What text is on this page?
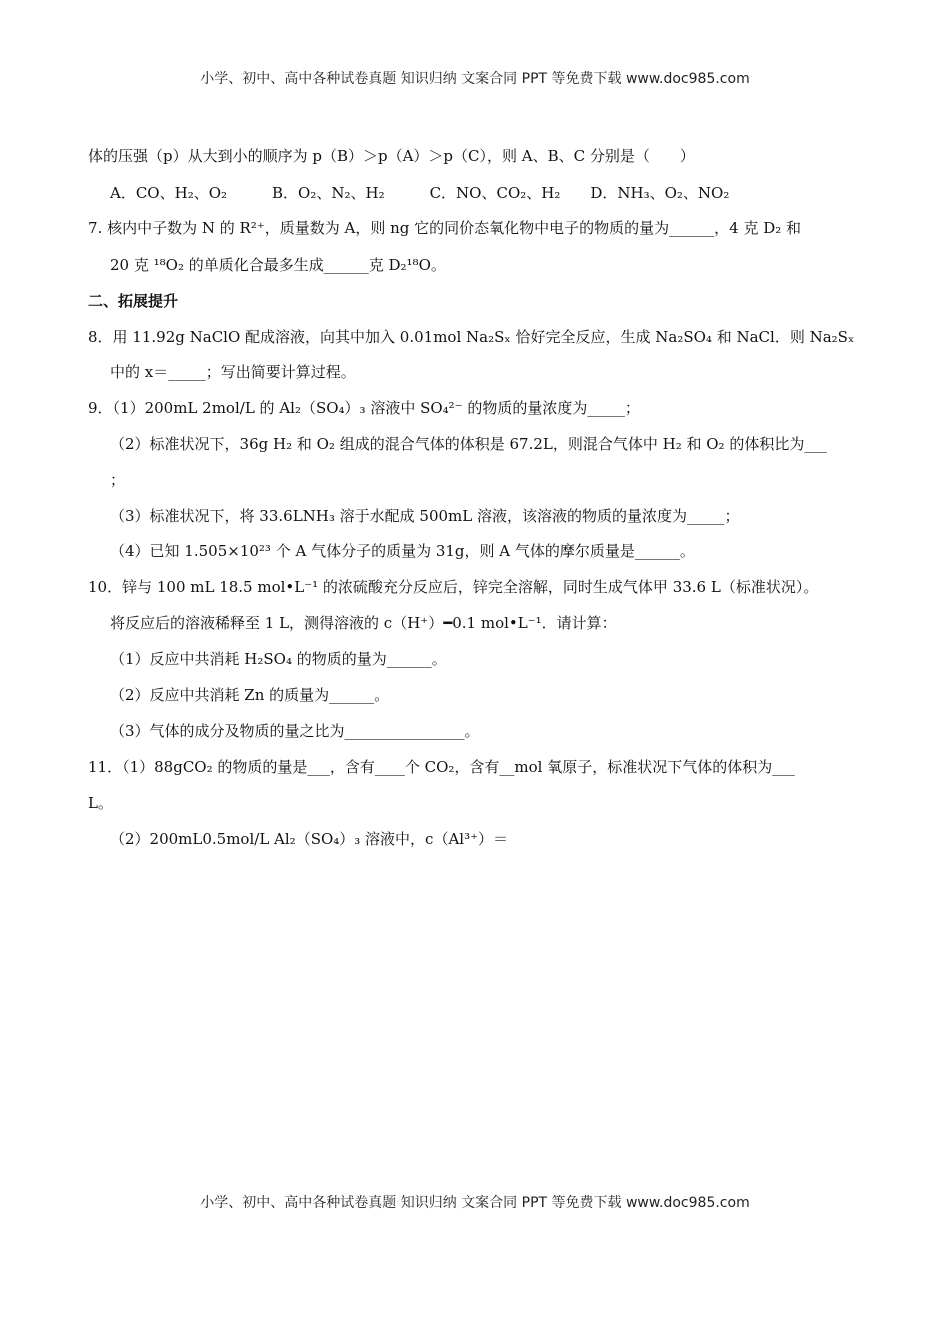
小学、初中、高中各种试卷真题 知识归纳 文案合同 PPT 等免费下载 www.doc985.com
体的压强（p）从大到小的顺序为 p（B）＞p（A）＞p（C），则 A、B、C 分别是（　　）
A．CO、H₂、O₂　　　B．O₂、N₂、H₂　　　C．NO、CO₂、H₂　　D．NH₃、O₂、NO₂
7. 核内中子数为 N 的 R²⁺，质量数为 A，则 ng 它的同价态氧化物中电子的物质的量为______，4 克 D₂ 和
20 克 ¹⁸O₂ 的单质化合最多生成______克 D₂¹⁸O。
二、拓展提升
8．用 11.92g NaClO 配成溶液，向其中加入 0.01mol Na₂Sₓ 恰好完全反应，生成 Na₂SO₄ 和 NaCl．则 Na₂Sₓ
中的 x＝_____；写出简要计算过程。
9．（1）200mL 2mol/L 的 Al₂（SO₄）₃ 溶液中 SO₄²⁻ 的物质的量浓度为_____；
（2）标准状况下，36g H₂ 和 O₂ 组成的混合气体的体积是 67.2L，则混合气体中 H₂ 和 O₂ 的体积比为___
；
（3）标准状况下，将 33.6LNH₃ 溶于水配成 500mL 溶液，该溶液的物质的量浓度为_____；
（4）已知 1.505×10²³ 个 A 气体分子的质量为 31g，则 A 气体的摩尔质量是______。
10．锌与 100 mL 18.5 mol•L⁻¹ 的浓硫酸充分反应后，锌完全溶解，同时生成气体甲 33.6 L（标准状况）。
将反应后的溶液稀释至 1 L，测得溶液的 c（H⁺）━0.1 mol•L⁻¹．请计算：
（1）反应中共消耗 H₂SO₄ 的物质的量为______。
（2）反应中共消耗 Zn 的质量为______。
（3）气体的成分及物质的量之比为________________。
11．（1）88gCO₂ 的物质的量是___，含有____个 CO₂，含有__mol 氧原子，标准状况下气体的体积为___
L。
（2）200mL0.5mol/L Al₂（SO₄）₃ 溶液中，c（Al³⁺）＝
小学、初中、高中各种试卷真题 知识归纳 文案合同 PPT 等免费下载 www.doc985.com
